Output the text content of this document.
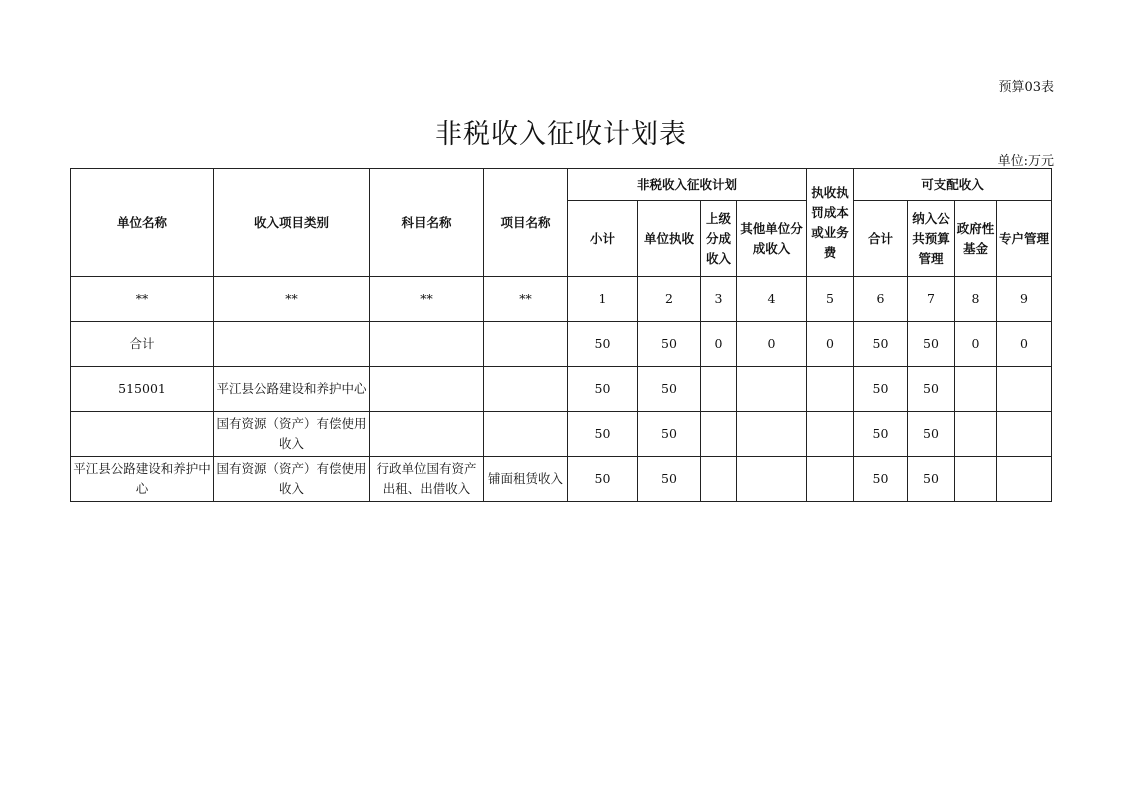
预算03表
非税收入征收计划表
单位:万元
单位名称	收入项目类别	科目名称	项目名称	非税收入征收计划				执收执罚成本或业务费	可支配收入			
				小计	单位执收	上级分成收入	其他单位分成收入		合计	纳入公共预算管理	政府性基金	专户管理
**	**	**	**	1	2	3	4	5	6	7	8	9
合计				50	50	0	0	0	50	50	0	0
515001	平江县公路建设和养护中心			50	50				50	50		
	国有资源（资产）有偿使用收入			50	50				50	50		
平江县公路建设和养护中心	国有资源（资产）有偿使用收入	行政单位国有资产出租、出借收入	铺面租赁收入	50	50				50	50		
